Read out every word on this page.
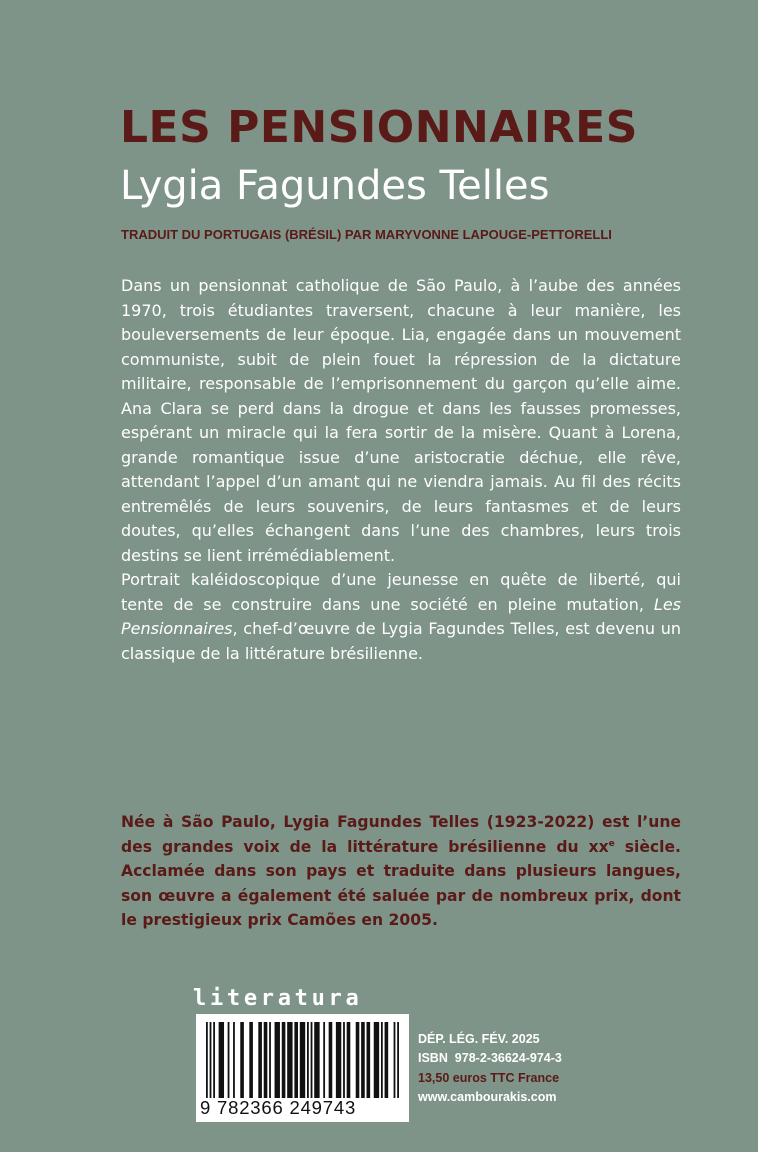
LES PENSIONNAIRES
Lygia Fagundes Telles
TRADUIT DU PORTUGAIS (BRÉSIL) PAR MARYVONNE LAPOUGE-PETTORELLI

Dans un pensionnat catholique de São Paulo, à l’aube des années 1970, trois étudiantes traversent, chacune à leur manière, les bouleversements de leur époque. Lia, engagée dans un mouvement communiste, subit de plein fouet la répression de la dictature militaire, responsable de l’emprisonnement du garçon qu’elle aime. Ana Clara se perd dans la drogue et dans les fausses promesses, espérant un miracle qui la fera sortir de la misère. Quant à Lorena, grande romantique issue d’une aristocratie déchue, elle rêve, attendant l’appel d’un amant qui ne viendra jamais. Au fil des récits entremêlés de leurs souvenirs, de leurs fantasmes et de leurs doutes, qu’elles échangent dans l’une des chambres, leurs trois destins se lient irrémédiablement.

Portrait kaléidoscopique d’une jeunesse en quête de liberté, qui tente de se construire dans une société en pleine mutation, Les Pensionnaires, chef-d’œuvre de Lygia Fagundes Telles, est devenu un classique de la littérature brésilienne.

Née à São Paulo, Lygia Fagundes Telles (1923-2022) est l’une des grandes voix de la littérature brésilienne du $xx^e$ siècle. Acclamée dans son pays et traduite dans plusieurs langues, son œuvre a également été saluée par de nombreux prix, dont le prestigieux prix Camões en 2005.
literatura
9 782366 249743
DÉP. LÉG. FÉV. 2025
ISBN  978-2-36624-974-3
13,50 euros TTC France
www.cambourakis.com
